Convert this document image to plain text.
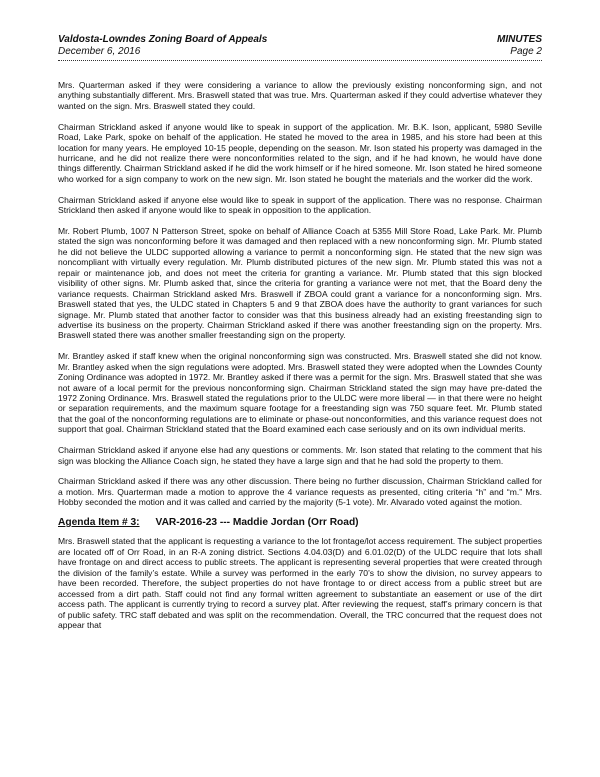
Valdosta-Lowndes Zoning Board of Appeals
December 6, 2016
MINUTES
Page 2

Mrs. Quarterman asked if they were considering a variance to allow the previously existing nonconforming sign, and not anything substantially different. Mrs. Braswell stated that was true. Mrs. Quarterman asked if they could advertise whatever they wanted on the sign. Mrs. Braswell stated they could.

Chairman Strickland asked if anyone would like to speak in support of the application. Mr. B.K. Ison, applicant, 5980 Seville Road, Lake Park, spoke on behalf of the application. He stated he moved to the area in 1985, and his store had been at this location for many years. He employed 10-15 people, depending on the season. Mr. Ison stated his property was damaged in the hurricane, and he did not realize there were nonconformities related to the sign, and if he had known, he would have done things differently. Chairman Strickland asked if he did the work himself or if he hired someone. Mr. Ison stated he hired someone who worked for a sign company to work on the new sign. Mr. Ison stated he bought the materials and the worker did the work.

Chairman Strickland asked if anyone else would like to speak in support of the application. There was no response. Chairman Strickland then asked if anyone would like to speak in opposition to the application.

Mr. Robert Plumb, 1007 N Patterson Street, spoke on behalf of Alliance Coach at 5355 Mill Store Road, Lake Park. Mr. Plumb stated the sign was nonconforming before it was damaged and then replaced with a new nonconforming sign. Mr. Plumb stated he did not believe the ULDC supported allowing a variance to permit a nonconforming sign. He stated that the new sign was noncompliant with virtually every regulation. Mr. Plumb distributed pictures of the new sign. Mr. Plumb stated this was not a repair or maintenance job, and does not meet the criteria for granting a variance. Mr. Plumb stated that this sign blocked visibility of other signs. Mr. Plumb asked that, since the criteria for granting a variance were not met, that the Board deny the variance requests. Chairman Strickland asked Mrs. Braswell if ZBOA could grant a variance for a nonconforming sign. Mrs. Braswell stated that yes, the ULDC stated in Chapters 5 and 9 that ZBOA does have the authority to grant variances for such signage. Mr. Plumb stated that another factor to consider was that this business already had an existing freestanding sign to advertise its business on the property. Chairman Strickland asked if there was another freestanding sign on the property. Mrs. Braswell stated there was another smaller freestanding sign on the property.

Mr. Brantley asked if staff knew when the original nonconforming sign was constructed. Mrs. Braswell stated she did not know. Mr. Brantley asked when the sign regulations were adopted. Mrs. Braswell stated they were adopted when the Lowndes County Zoning Ordinance was adopted in 1972. Mr. Brantley asked if there was a permit for the sign. Mrs. Braswell stated that she was not aware of a local permit for the previous nonconforming sign. Chairman Strickland stated the sign may have pre-dated the 1972 Zoning Ordinance. Mrs. Braswell stated the regulations prior to the ULDC were more liberal — in that there were no height or separation requirements, and the maximum square footage for a freestanding sign was 750 square feet. Mr. Plumb stated that the goal of the nonconforming regulations are to eliminate or phase-out nonconformities, and this variance request does not support that goal. Chairman Strickland stated that the Board examined each case seriously and on its own individual merits.

Chairman Strickland asked if anyone else had any questions or comments. Mr. Ison stated that relating to the comment that his sign was blocking the Alliance Coach sign, he stated they have a large sign and that he had sold the property to them.

Chairman Strickland asked if there was any other discussion. There being no further discussion, Chairman Strickland called for a motion. Mrs. Quarterman made a motion to approve the 4 variance requests as presented, citing criteria “h” and “m.” Mrs. Hobby seconded the motion and it was called and carried by the majority (5-1 vote). Mr. Alvarado voted against the motion.

Agenda Item # 3: VAR-2016-23 --- Maddie Jordan (Orr Road)

Mrs. Braswell stated that the applicant is requesting a variance to the lot frontage/lot access requirement. The subject properties are located off of Orr Road, in an R-A zoning district. Sections 4.04.03(D) and 6.01.02(D) of the ULDC require that lots shall have frontage on and direct access to public streets. The applicant is representing several properties that were created through the division of the family’s estate. While a survey was performed in the early 70’s to show the division, no survey appears to have been recorded. Therefore, the subject properties do not have frontage to or direct access from a public street but are accessed from a dirt path. Staff could not find any formal written agreement to substantiate an easement or use of the dirt access path. The applicant is currently trying to record a survey plat. After reviewing the request, staff’s primary concern is that of public safety. TRC staff debated and was split on the recommendation. Overall, the TRC concurred that the request does not appear that
